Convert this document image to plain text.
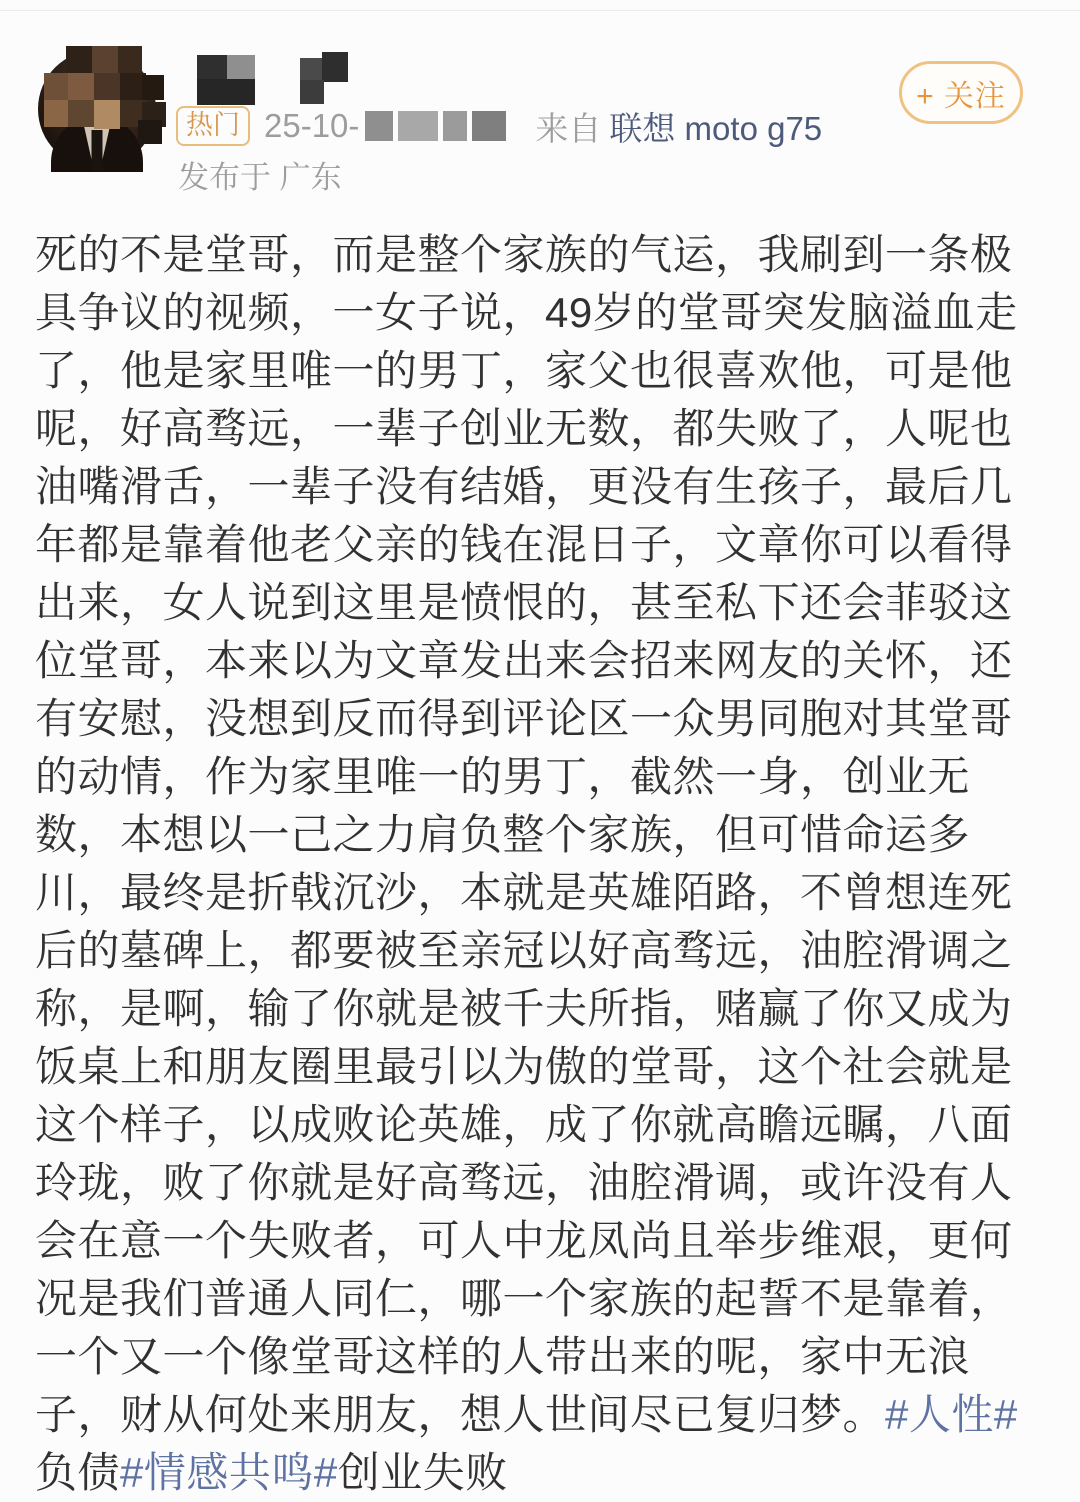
热门 25-10-	来自 联想 moto g75
发布于 广东
+ 关注

死的不是堂哥，而是整个家族的气运，我刷到一条极具争议的视频，一女子说，49岁的堂哥突发脑溢血走了，他是家里唯一的男丁，家父也很喜欢他，可是他呢，好高骛远，一辈子创业无数，都失败了，人呢也油嘴滑舌，一辈子没有结婚，更没有生孩子，最后几年都是靠着他老父亲的钱在混日子，文章你可以看得出来，女人说到这里是愤恨的，甚至私下还会菲驳这位堂哥，本来以为文章发出来会招来网友的关怀，还有安慰，没想到反而得到评论区一众男同胞对其堂哥的动情，作为家里唯一的男丁，截然一身，创业无数，本想以一己之力肩负整个家族，但可惜命运多川，最终是折戟沉沙，本就是英雄陌路，不曾想连死后的墓碑上，都要被至亲冠以好高骛远，油腔滑调之称，是啊，输了你就是被千夫所指，赌赢了你又成为饭桌上和朋友圈里最引以为傲的堂哥，这个社会就是这个样子，以成败论英雄，成了你就高瞻远瞩，八面玲珑，败了你就是好高骛远，油腔滑调，或许没有人会在意一个失败者，可人中龙凤尚且举步维艰，更何况是我们普通人同仁，哪一个家族的起誓不是靠着，一个又一个像堂哥这样的人带出来的呢，家中无浪子，财从何处来朋友，想人世间尽已复归梦。#人性#负债#情感共鸣#创业失败
